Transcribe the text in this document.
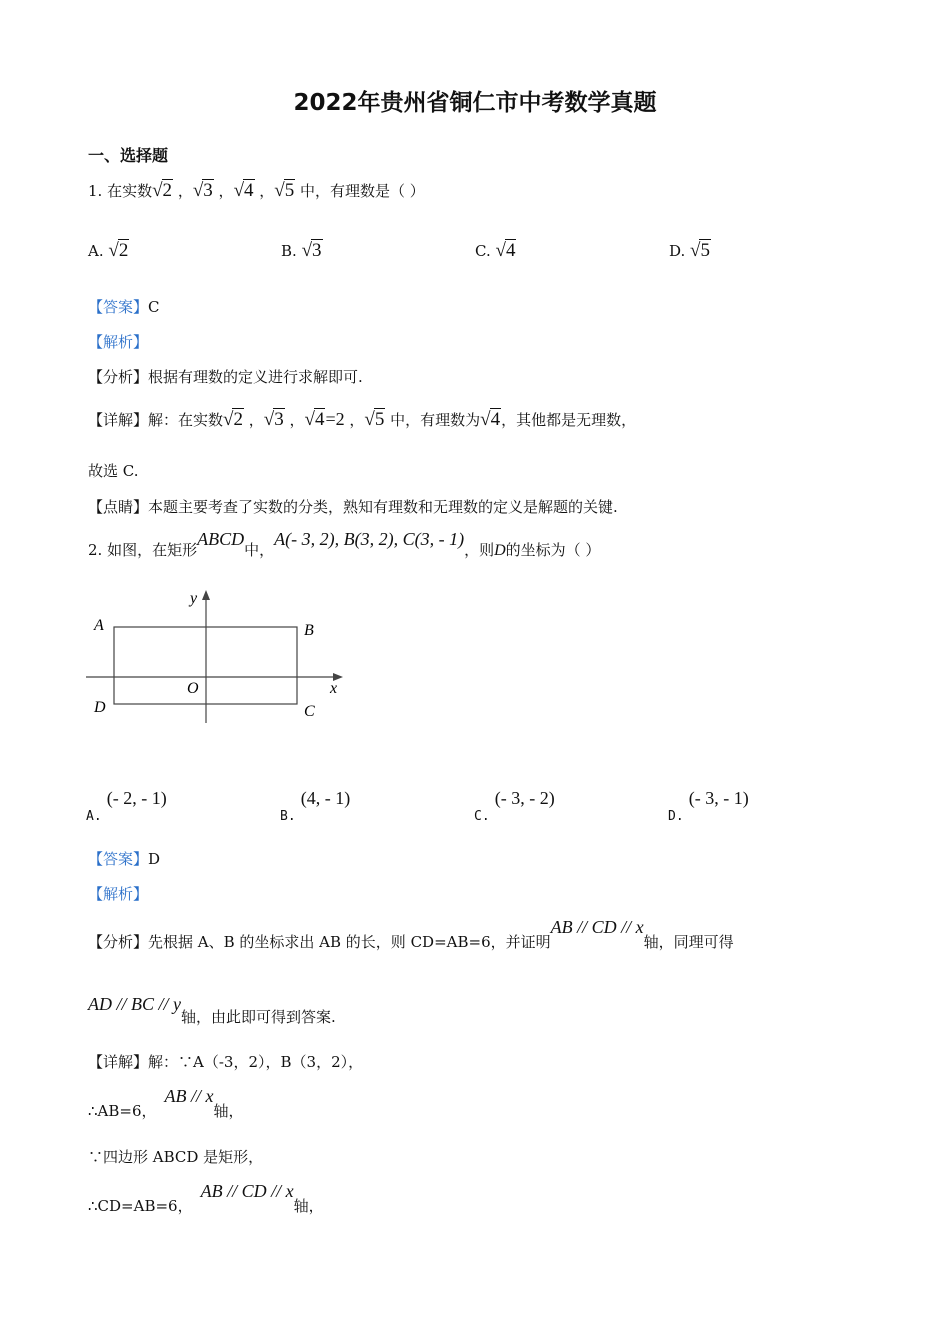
2022年贵州省铜仁市中考数学真题
一、选择题
1. 在实数√2 ，√3 ，√4 ，√5 中，有理数是（ ）
A. √2	B. √3	C. √4	D. √5
【答案】C
【解析】
【分析】根据有理数的定义进行求解即可.
【详解】解：在实数√2 ，√3 ，√4=2 ，√5 中，有理数为√4，其他都是无理数，
故选 C.
【点睛】本题主要考查了实数的分类，熟知有理数和无理数的定义是解题的关键.
2. 如图，在矩形ABCD中，A(- 3, 2), B(3, 2), C(3, - 1)，则D的坐标为（ ）
y
x
O
A	B
C
D
$_{A.}$ (- 2, - 1)
$_{B.}$ (4, - 1)
$_{C.}$ (- 3, - 2)
$_{D.}$ (- 3, - 1)
【答案】D
【解析】
【分析】先根据 A、B 的坐标求出 AB 的长，则 CD=AB=6，并证明AB // CD // x轴，同理可得
AD // BC // y轴，由此即可得到答案.
【详解】解：∵A（-3，2），B（3，2），
∴AB=6，AB // x轴，
∵四边形 ABCD 是矩形，
∴CD=AB=6，AB // CD // x轴，
